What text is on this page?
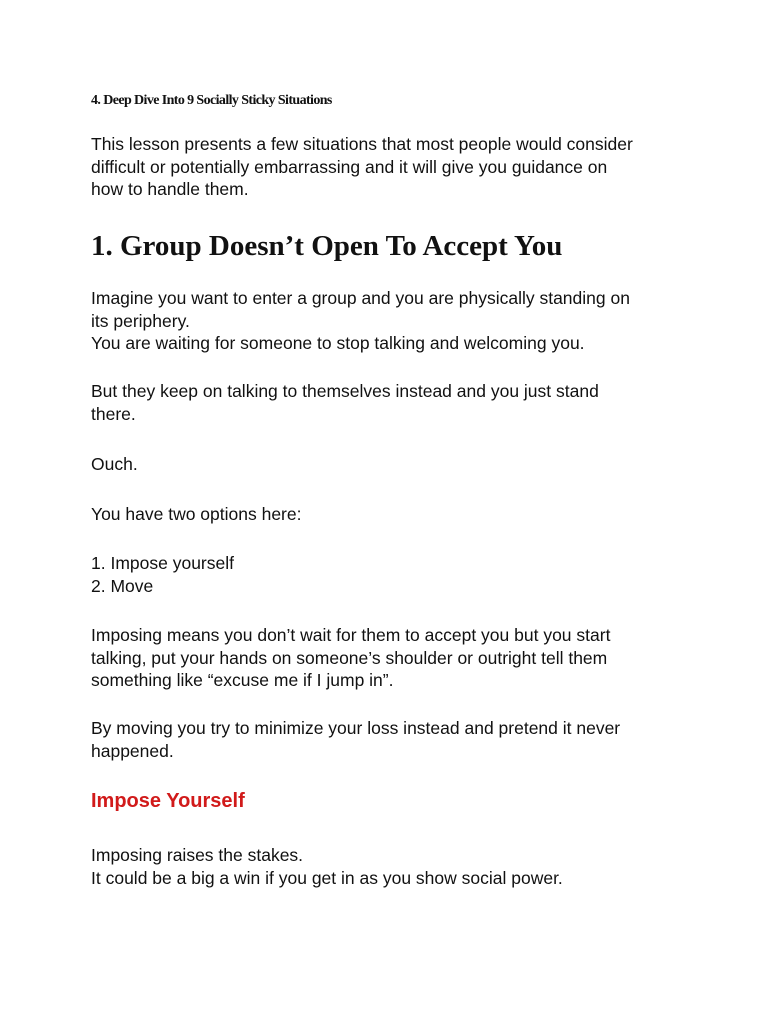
4. Deep Dive Into 9 Socially Sticky Situations

This lesson presents a few situations that most people would consider
difficult or potentially embarrassing and it will give you guidance on
how to handle them.

1. Group Doesn’t Open To Accept You

Imagine you want to enter a group and you are physically standing on
its periphery.
You are waiting for someone to stop talking and welcoming you.

But they keep on talking to themselves instead and you just stand
there.

Ouch.

You have two options here:

1. Impose yourself
2. Move

Imposing means you don’t wait for them to accept you but you start
talking, put your hands on someone’s shoulder or outright tell them
something like “excuse me if I jump in”.

By moving you try to minimize your loss instead and pretend it never
happened.

Impose Yourself

Imposing raises the stakes.
It could be a big a win if you get in as you show social power.
